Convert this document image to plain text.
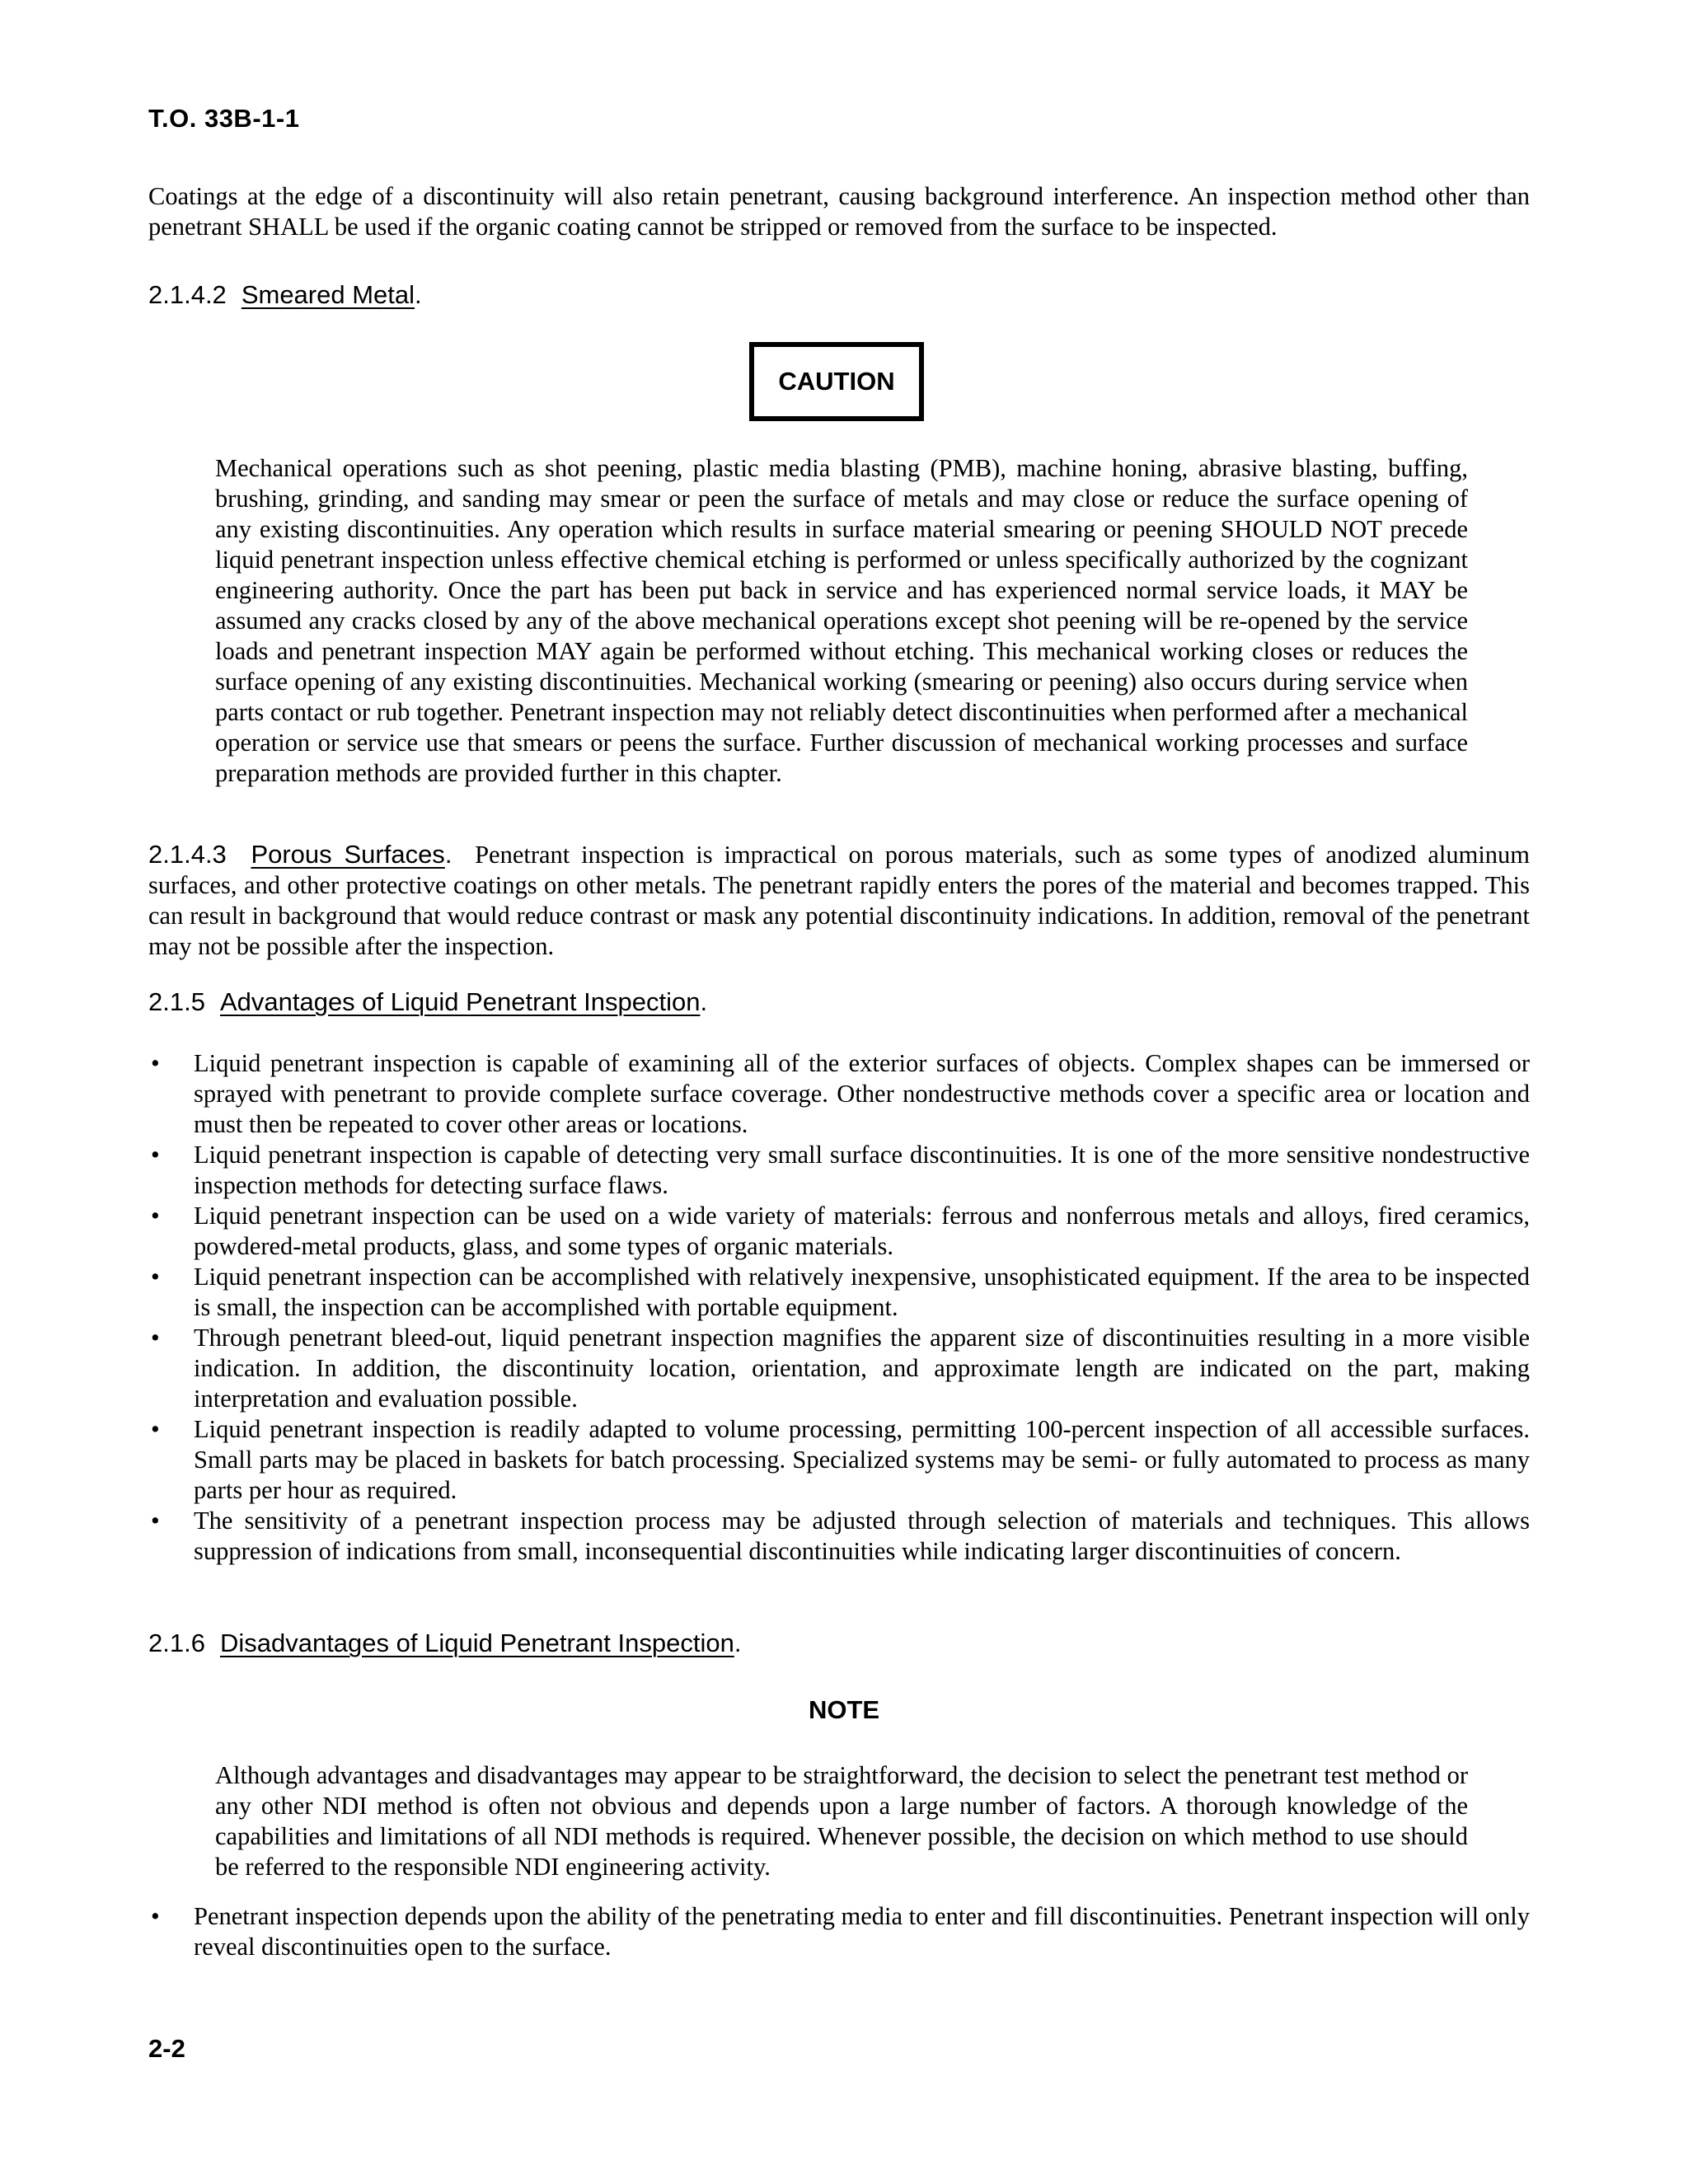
T.O. 33B-1-1
Coatings at the edge of a discontinuity will also retain penetrant, causing background interference. An inspection method other than penetrant SHALL be used if the organic coating cannot be stripped or removed from the surface to be inspected.
2.1.4.2 Smeared Metal.
CAUTION
Mechanical operations such as shot peening, plastic media blasting (PMB), machine honing, abrasive blasting, buffing, brushing, grinding, and sanding may smear or peen the surface of metals and may close or reduce the surface opening of any existing discontinuities. Any operation which results in surface material smearing or peening SHOULD NOT precede liquid penetrant inspection unless effective chemical etching is performed or unless specifically authorized by the cognizant engineering authority. Once the part has been put back in service and has experienced normal service loads, it MAY be assumed any cracks closed by any of the above mechanical operations except shot peening will be re-opened by the service loads and penetrant inspection MAY again be performed without etching. This mechanical working closes or reduces the surface opening of any existing discontinuities. Mechanical working (smearing or peening) also occurs during service when parts contact or rub together. Penetrant inspection may not reliably detect discontinuities when performed after a mechanical operation or service use that smears or peens the surface. Further discussion of mechanical working processes and surface preparation methods are provided further in this chapter.
2.1.4.3 Porous Surfaces. Penetrant inspection is impractical on porous materials, such as some types of anodized aluminum surfaces, and other protective coatings on other metals. The penetrant rapidly enters the pores of the material and becomes trapped. This can result in background that would reduce contrast or mask any potential discontinuity indications. In addition, removal of the penetrant may not be possible after the inspection.
2.1.5 Advantages of Liquid Penetrant Inspection.
• Liquid penetrant inspection is capable of examining all of the exterior surfaces of objects. Complex shapes can be immersed or sprayed with penetrant to provide complete surface coverage. Other nondestructive methods cover a specific area or location and must then be repeated to cover other areas or locations.
• Liquid penetrant inspection is capable of detecting very small surface discontinuities. It is one of the more sensitive nondestructive inspection methods for detecting surface flaws.
• Liquid penetrant inspection can be used on a wide variety of materials: ferrous and nonferrous metals and alloys, fired ceramics, powdered-metal products, glass, and some types of organic materials.
• Liquid penetrant inspection can be accomplished with relatively inexpensive, unsophisticated equipment. If the area to be inspected is small, the inspection can be accomplished with portable equipment.
• Through penetrant bleed-out, liquid penetrant inspection magnifies the apparent size of discontinuities resulting in a more visible indication. In addition, the discontinuity location, orientation, and approximate length are indicated on the part, making interpretation and evaluation possible.
• Liquid penetrant inspection is readily adapted to volume processing, permitting 100-percent inspection of all accessible surfaces. Small parts may be placed in baskets for batch processing. Specialized systems may be semi- or fully automated to process as many parts per hour as required.
• The sensitivity of a penetrant inspection process may be adjusted through selection of materials and techniques. This allows suppression of indications from small, inconsequential discontinuities while indicating larger discontinuities of concern.
2.1.6 Disadvantages of Liquid Penetrant Inspection.
NOTE
Although advantages and disadvantages may appear to be straightforward, the decision to select the penetrant test method or any other NDI method is often not obvious and depends upon a large number of factors. A thorough knowledge of the capabilities and limitations of all NDI methods is required. Whenever possible, the decision on which method to use should be referred to the responsible NDI engineering activity.
• Penetrant inspection depends upon the ability of the penetrating media to enter and fill discontinuities. Penetrant inspection will only reveal discontinuities open to the surface.
2-2
